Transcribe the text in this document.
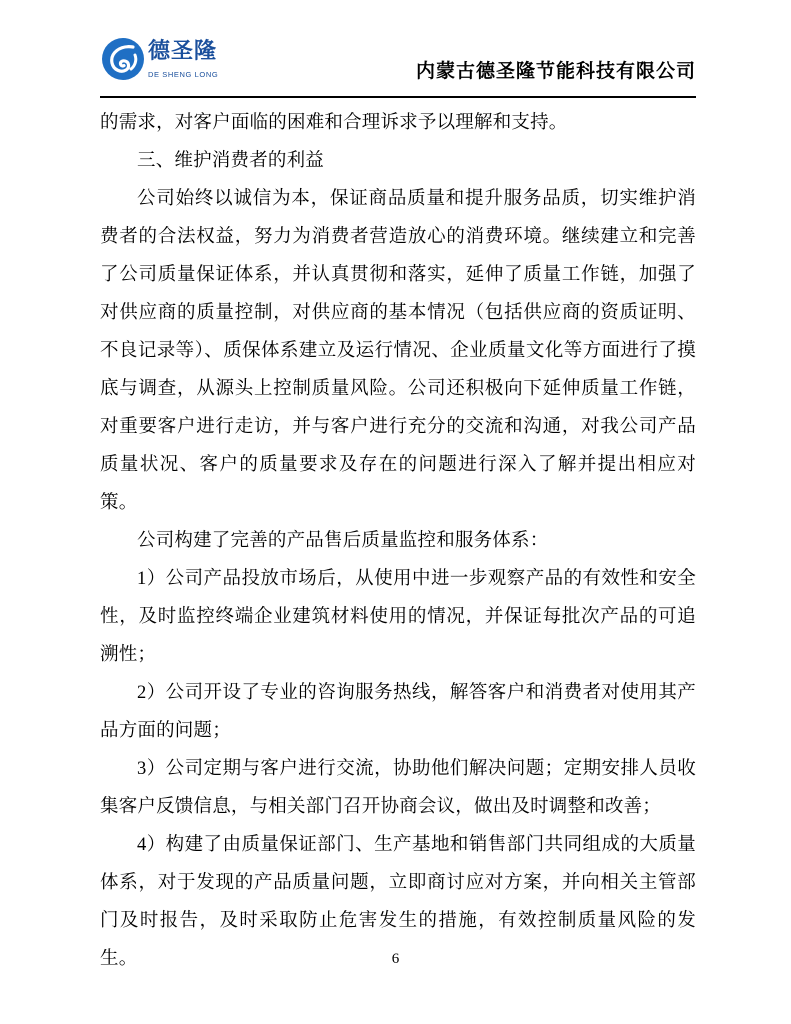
德圣隆 DE SHENG LONG	内蒙古德圣隆节能科技有限公司

的需求，对客户面临的困难和合理诉求予以理解和支持。

三、维护消费者的利益

公司始终以诚信为本，保证商品质量和提升服务品质，切实维护消费者的合法权益，努力为消费者营造放心的消费环境。继续建立和完善了公司质量保证体系，并认真贯彻和落实，延伸了质量工作链，加强了对供应商的质量控制，对供应商的基本情况（包括供应商的资质证明、不良记录等）、质保体系建立及运行情况、企业质量文化等方面进行了摸底与调查，从源头上控制质量风险。公司还积极向下延伸质量工作链，对重要客户进行走访，并与客户进行充分的交流和沟通，对我公司产品质量状况、客户的质量要求及存在的问题进行深入了解并提出相应对策。

公司构建了完善的产品售后质量监控和服务体系：

1）公司产品投放市场后，从使用中进一步观察产品的有效性和安全性，及时监控终端企业建筑材料使用的情况，并保证每批次产品的可追溯性；

2）公司开设了专业的咨询服务热线，解答客户和消费者对使用其产品方面的问题；

3）公司定期与客户进行交流，协助他们解决问题；定期安排人员收集客户反馈信息，与相关部门召开协商会议，做出及时调整和改善；

4）构建了由质量保证部门、生产基地和销售部门共同组成的大质量体系，对于发现的产品质量问题，立即商讨应对方案，并向相关主管部门及时报告，及时采取防止危害发生的措施，有效控制质量风险的发生。	6
